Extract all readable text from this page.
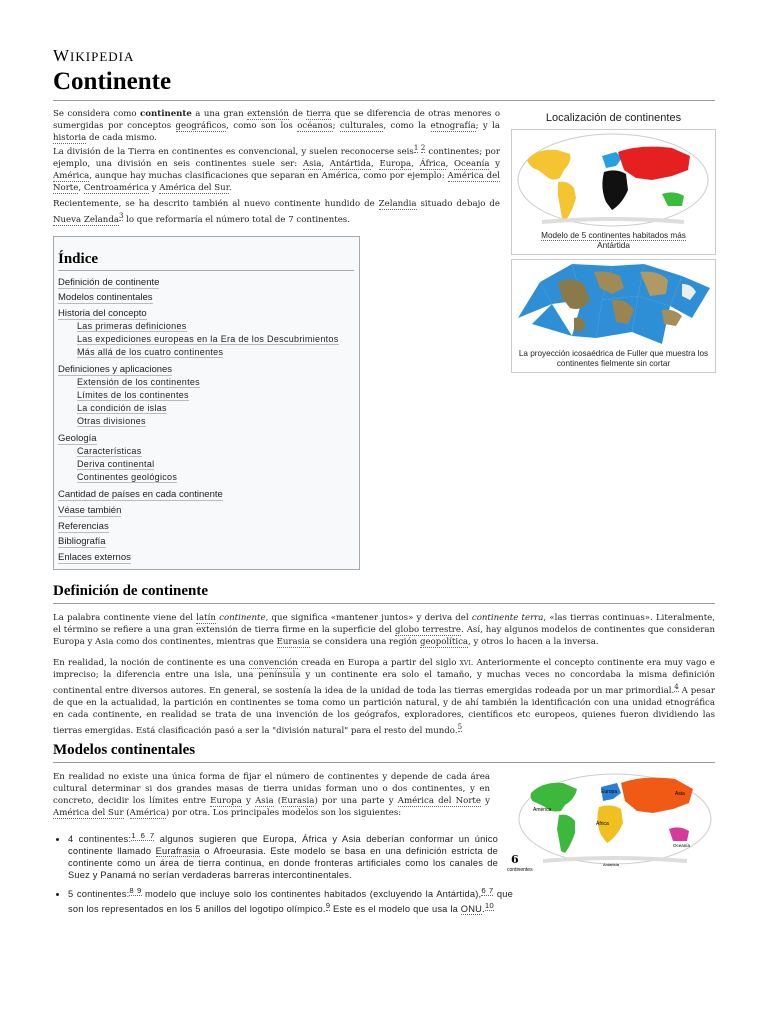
WIKIPEDIA
Continente
Se considera como continente a una gran extensión de tierra que se diferencia de otras menores o sumergidas por conceptos geográficos, como son los océanos; culturales, como la etnografía; y la historia de cada mismo.
La división de la Tierra en continentes es convencional, y suelen reconocerse seis$^{1 2}$ continentes; por ejemplo, una división en seis continentes suele ser: Asia, Antártida, Europa, África, Oceanía y América, aunque hay muchas clasificaciones que separan en América, como por ejemplo: América del Norte, Centroamérica y América del Sur.
Recientemente, se ha descrito también al nuevo continente hundido de Zelandia situado debajo de Nueva Zelanda$^3$ lo que reformaría el número total de 7 continentes.
Localización de continentes
Modelo de 5 continentes habitados más
Antártida
La proyección icosaédrica de Fuller que muestra los continentes fielmente sin cortar
Índice
Definición de continente
Modelos continentales
Historia del concepto
Las primeras definiciones
Las expediciones europeas en la Era de los Descubrimientos
Más allá de los cuatro continentes
Definiciones y aplicaciones
Extensión de los continentes
Límites de los continentes
La condición de islas
Otras divisiones
Geología
Características
Deriva continental
Continentes geológicos
Cantidad de países en cada continente
Véase también
Referencias
Bibliografía
Enlaces externos
Definición de continente
La palabra continente viene del latín continente, que significa «mantener juntos» y deriva del continente terra, «las tierras continuas». Literalmente, el término se refiere a una gran extensión de tierra firme en la superficie del globo terrestre. Así, hay algunos modelos de continentes que consideran Europa y Asia como dos continentes, mientras que Eurasia se considera una región geopolítica, y otros lo hacen a la inversa.
En realidad, la noción de continente es una convención creada en Europa a partir del siglo xvi. Anteriormente el concepto continente era muy vago e impreciso; la diferencia entre una isla, una península y un continente era solo el tamaño, y muchas veces no concordaba la misma definición continental entre diversos autores. En general, se sostenía la idea de la unidad de toda las tierras emergidas rodeada por un mar primordial.$^4$ A pesar de que en la actualidad, la partición en continentes se toma como un partición natural, y de ahí también la identificación con una unidad etnográfica en cada continente, en realidad se trata de una invención de los geógrafos, exploradores, científicos etc europeos, quienes fueron dividiendo las tierras emergidas. Está clasificación pasó a ser la "división natural" para el resto del mundo.$^5$
Modelos continentales
En realidad no existe una única forma de fijar el número de continentes y depende de cada área cultural determinar si dos grandes masas de tierra unidas forman uno o dos continentes, y en concreto, decidir los límites entre Europa y Asia (Eurasia) por una parte y América del Norte y América del Sur (América) por otra. Los principales modelos son los siguientes:
Europa	Asia
América
África
Oceanía
Antártida
6
continentes
• 4 continentes:$^{1 6 7}$ algunos sugieren que Europa, África y Asia deberían conformar un único continente llamado Eurafrasia o Afroeurasia. Este modelo se basa en una definición estricta de continente como un área de tierra continua, en donde fronteras artificiales como los canales de Suez y Panamá no serían verdaderas barreras intercontinentales.
• 5 continentes:$^{8 9}$ modelo que incluye solo los continentes habitados (excluyendo la Antártida),$^{6 7}$ que son los representados en los 5 anillos del logotipo olímpico.$^9$ Este es el modelo que usa la ONU.$^{10}$
